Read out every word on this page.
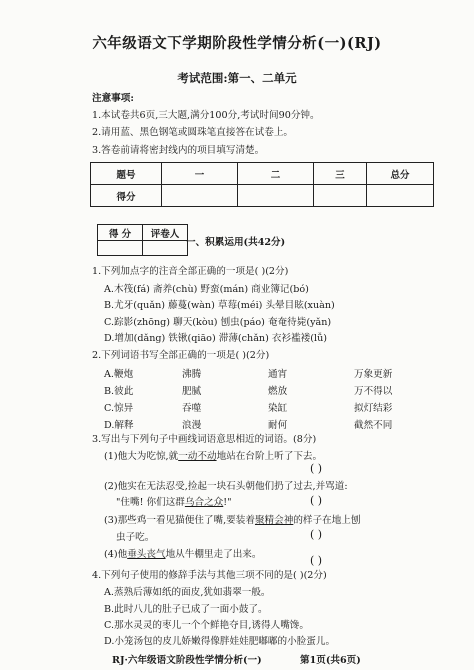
六年级语文下学期阶段性学情分析(一)(RJ)
考试范围:第一、二单元
注意事项:
1.本试卷共6页,三大题,满分100分,考试时间90分钟。
2.请用蓝、黑色钢笔或圆珠笔直接答在试卷上。
3.答卷前请将密封线内的项目填写清楚。
题号	一	二	三	总分
得分				
得 分	评卷人

一、积累运用(共42分)
1.下列加点字的注音全部正确的一项是( )(2分)
A.木筏(fá) 斋养(chù) 野蛮(mán) 商业簿记(bó)
B.尤牙(quǎn) 藤蔓(wàn) 草莓(méi) 头晕目眩(xuàn)
C.踪影(zhōng) 聊天(kòu) 刨虫(páo) 奄奄待毙(yǎn)
D.增加(dǎng) 铁锹(qiāo) 滞薄(chǎn) 衣衫褴褛(lǚ)
2.下列词语书写全部正确的一项是( )(2分)
A.鞭炮	沸腾	通宵	万象更新
B.彼此	肥腻	燃放	万不得以
C.惊异	吞噬	染缸	拟灯结彩
D.解释	浪漫	耐何	截然不同
3.写出与下列句子中画线词语意思相近的词语。(8分)
(1)他大为吃惊,就一动不动地站在台阶上听了下去。
( )
(2)他实在无法忍受,捡起一块石头朝他们扔了过去,并骂道:
"住嘴! 你们这群乌合之众!"	( )
(3)那些鸡一看见猫便住了嘴,要装着聚精会神的样子在地上刨
虫子吃。	( )
(4)他垂头丧气地从牛棚里走了出来。	( )
4.下列句子使用的修辞手法与其他三项不同的是( )(2分)
A.蒸熟后薄如纸的面皮,犹如翡翠一般。
B.此时八儿的肚子已成了一面小鼓了。
C.那水灵灵的枣儿一个个鲜艳夺目,诱得人嘴馋。
D.小笼汤包的皮儿娇嫩得像胖娃娃肥嘟嘟的小脸蛋儿。
RJ·六年级语文阶段性学情分析(一)	第1页(共6页)
